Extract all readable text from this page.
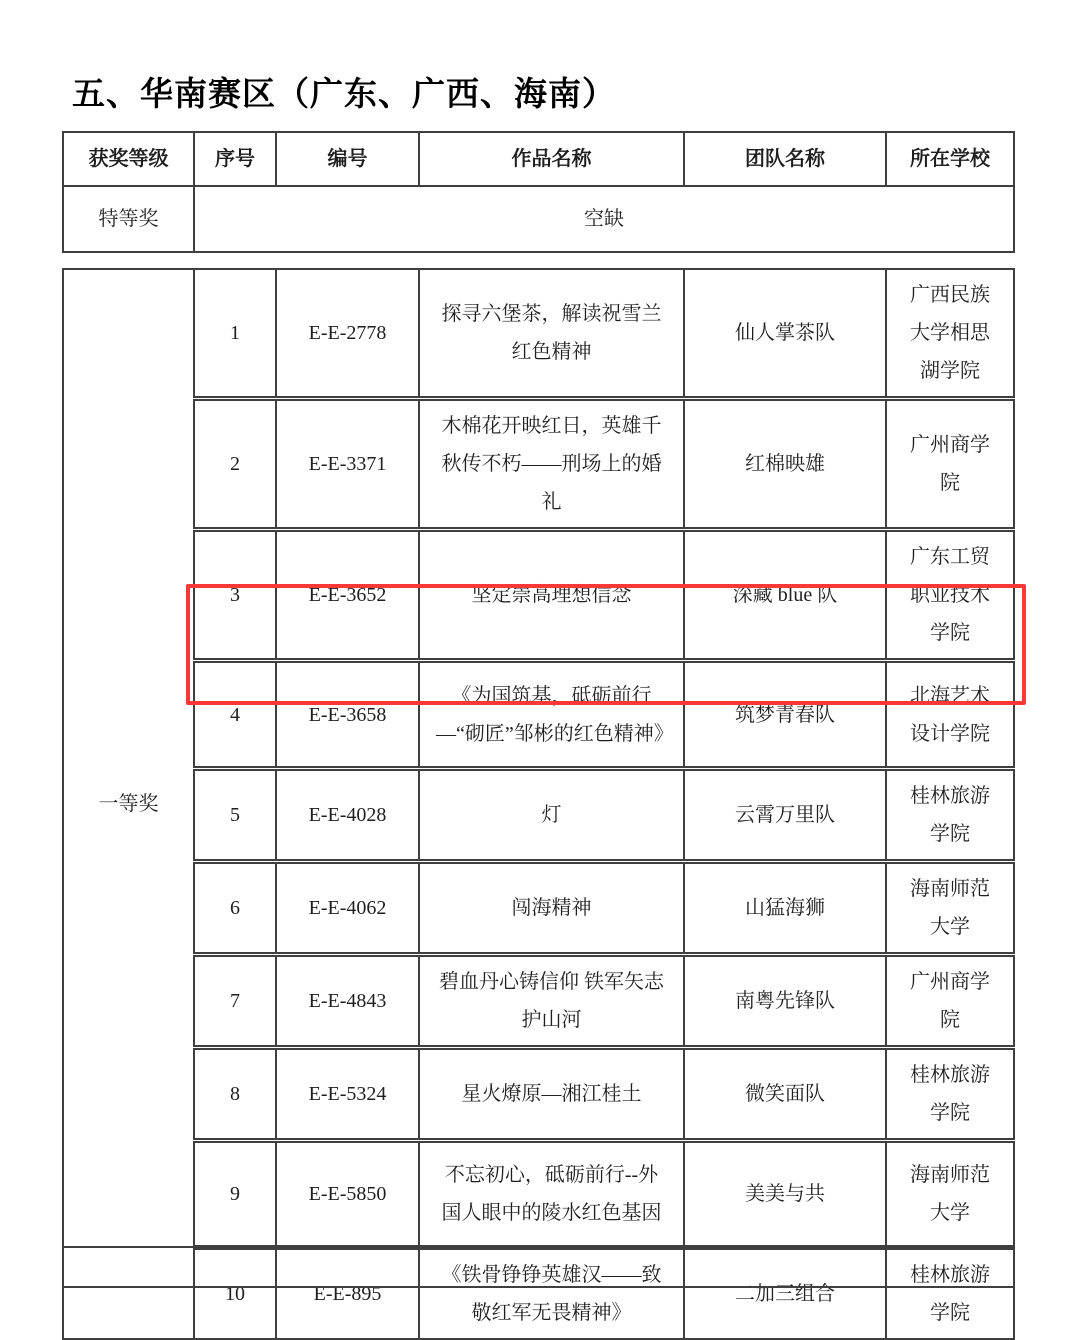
五、华南赛区（广东、广西、海南）
获奖等级	序号	编号	作品名称	团队名称	所在学校
特等奖	空缺				
一等奖	1	E-E-2778	探寻六堡茶，解读祝雪兰红色精神	仙人掌茶队	广西民族大学相思湖学院
	2	E-E-3371	木棉花开映红日，英雄千秋传不朽——刑场上的婚礼	红棉映雄	广州商学院
	3	E-E-3652	坚定崇高理想信念	深藏 blue 队	广东工贸职业技术学院
	4	E-E-3658	《为国筑基，砥砺前行—“砌匠”邹彬的红色精神》	筑梦青春队	北海艺术设计学院
	5	E-E-4028	灯	云霄万里队	桂林旅游学院
	6	E-E-4062	闯海精神	山猛海狮	海南师范大学
	7	E-E-4843	碧血丹心铸信仰 铁军矢志护山河	南粤先锋队	广州商学院
	8	E-E-5324	星火燎原—湘江桂土	微笑面队	桂林旅游学院
	9	E-E-5850	不忘初心，砥砺前行--外国人眼中的陵水红色基因	美美与共	海南师范大学
	10	E-E-895	《铁骨铮铮英雄汉——致敬红军无畏精神》	二加三组合	桂林旅游学院
